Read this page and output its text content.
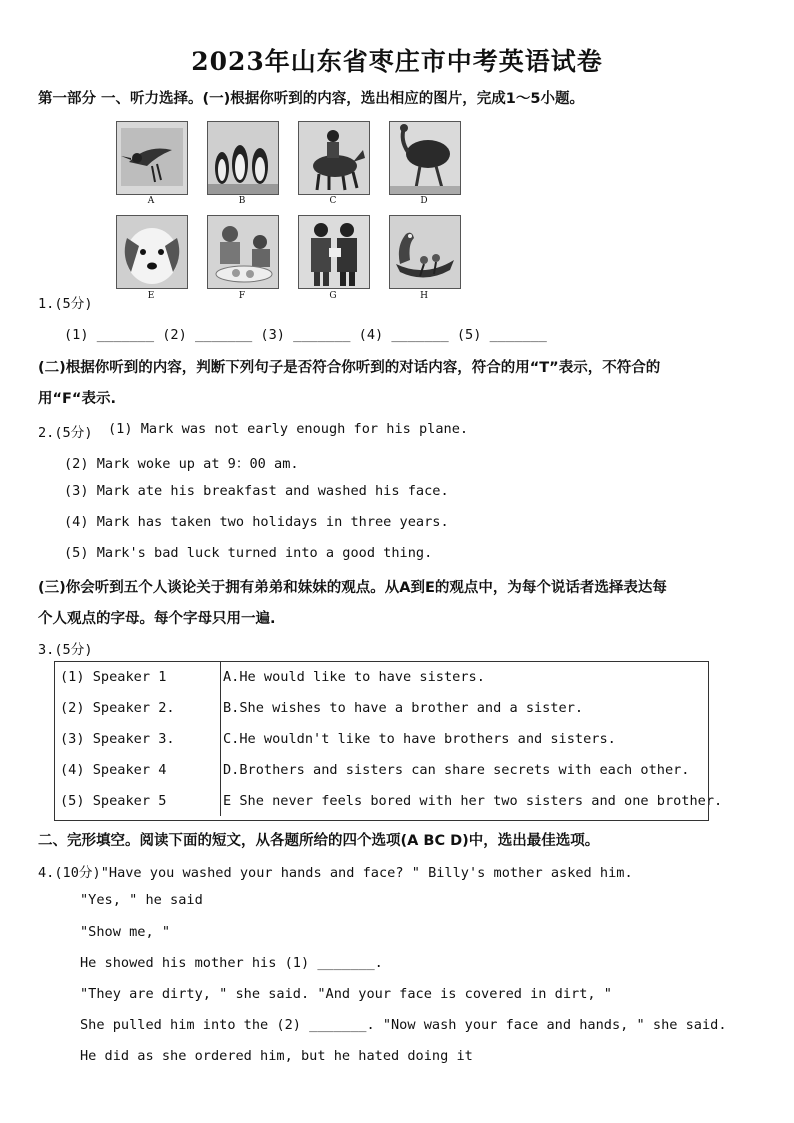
2023年山东省枣庄市中考英语试卷
第一部分 一、听力选择。(一)根据你听到的内容，选出相应的图片，完成1～5小题。
A	B	C	D
E	F	G	H
1.(5分)
(1) _______ (2) _______ (3) _______ (4) _______ (5) _______
(二)根据你听到的内容，判断下列句子是否符合你听到的对话内容，符合的用“T”表示，不符合的
用“F“表示.
2.(5分) (1) Mark was not early enough for his plane.
(2) Mark woke up at 9：00 am.
(3) Mark ate his breakfast and washed his face.
(4) Mark has taken two holidays in three years.
(5) Mark's bad luck turned into a good thing.
(三)你会听到五个人谈论关于拥有弟弟和妹妹的观点。从A到E的观点中，为每个说话者选择表达每
个人观点的字母。每个字母只用一遍.
3.(5分)
(1) Speaker 1	A.He would like to have sisters.
(2) Speaker 2.	B.She wishes to have a brother and a sister.
(3) Speaker 3.	C.He wouldn't like to have brothers and sisters.
(4) Speaker 4	D.Brothers and sisters can share secrets with each other.
(5) Speaker 5	E She never feels bored with her two sisters and one brother.
二、完形填空。阅读下面的短文，从各题所给的四个选项(A BC D)中，选出最佳选项。
4.(10分)"Have you washed your hands and face? " Billy's mother asked him.
"Yes, " he said
"Show me, "
He showed his mother his (1) _______.
"They are dirty, " she said. "And your face is covered in dirt, "
She pulled him into the (2) _______. "Now wash your face and hands, " she said.
He did as she ordered him, but he hated doing it
